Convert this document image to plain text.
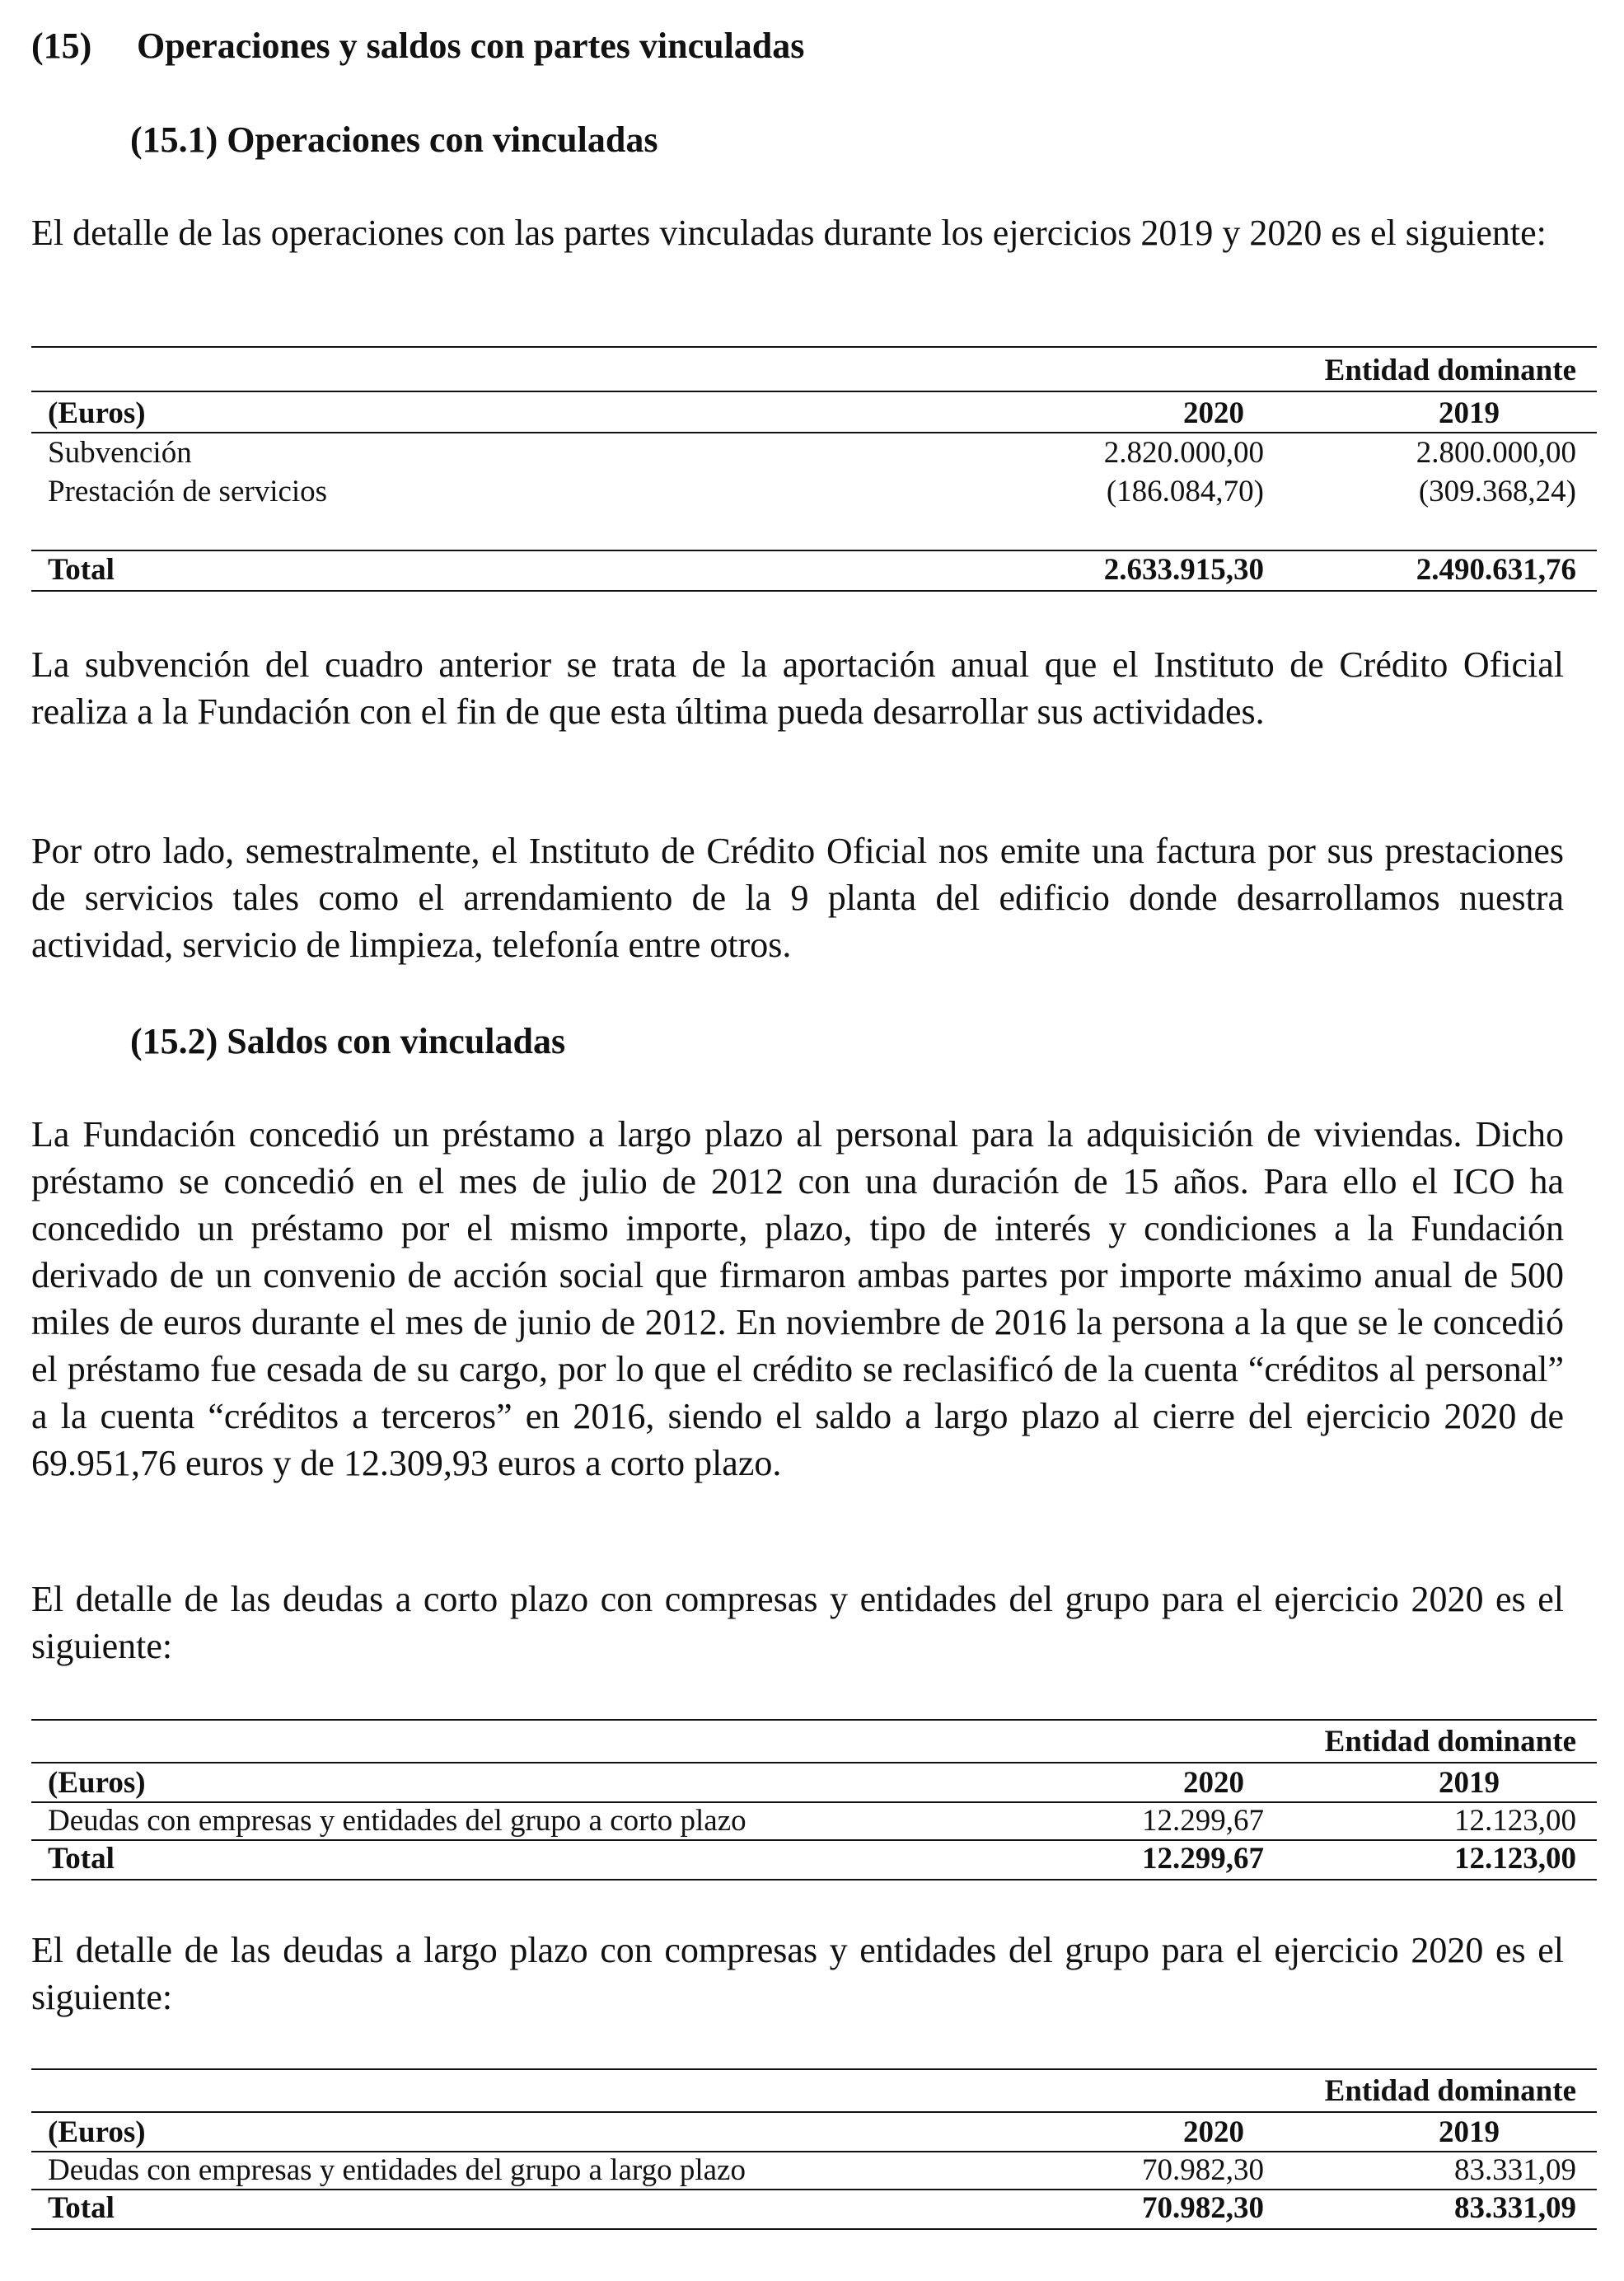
(15) Operaciones y saldos con partes vinculadas
(15.1) Operaciones con vinculadas

El detalle de las operaciones con las partes vinculadas durante los ejercicios 2019 y 2020 es el siguiente:

Entidad dominante
(Euros)	2020	2019
Subvención	2.820.000,00	2.800.000,00
Prestación de servicios	(186.084,70)	(309.368,24)
Total	2.633.915,30	2.490.631,76

La subvención del cuadro anterior se trata de la aportación anual que el Instituto de Crédito Oficial realiza a la Fundación con el fin de que esta última pueda desarrollar sus actividades.

Por otro lado, semestralmente, el Instituto de Crédito Oficial nos emite una factura por sus prestaciones de servicios tales como el arrendamiento de la 9 planta del edificio donde desarrollamos nuestra actividad, servicio de limpieza, telefonía entre otros.

(15.2) Saldos con vinculadas

La Fundación concedió un préstamo a largo plazo al personal para la adquisición de viviendas. Dicho préstamo se concedió en el mes de julio de 2012 con una duración de 15 años. Para ello el ICO ha concedido un préstamo por el mismo importe, plazo, tipo de interés y condiciones a la Fundación derivado de un convenio de acción social que firmaron ambas partes por importe máximo anual de 500 miles de euros durante el mes de junio de 2012. En noviembre de 2016 la persona a la que se le concedió el préstamo fue cesada de su cargo, por lo que el crédito se reclasificó de la cuenta “créditos al personal” a la cuenta “créditos a terceros” en 2016, siendo el saldo a largo plazo al cierre del ejercicio 2020 de 69.951,76 euros y de 12.309,93 euros a corto plazo.

El detalle de las deudas a corto plazo con compresas y entidades del grupo para el ejercicio 2020 es el siguiente:

Entidad dominante
(Euros)	2020	2019
Deudas con empresas y entidades del grupo a corto plazo	12.299,67	12.123,00
Total	12.299,67	12.123,00

El detalle de las deudas a largo plazo con compresas y entidades del grupo para el ejercicio 2020 es el siguiente:

Entidad dominante
(Euros)	2020	2019
Deudas con empresas y entidades del grupo a largo plazo	70.982,30	83.331,09
Total	70.982,30	83.331,09
